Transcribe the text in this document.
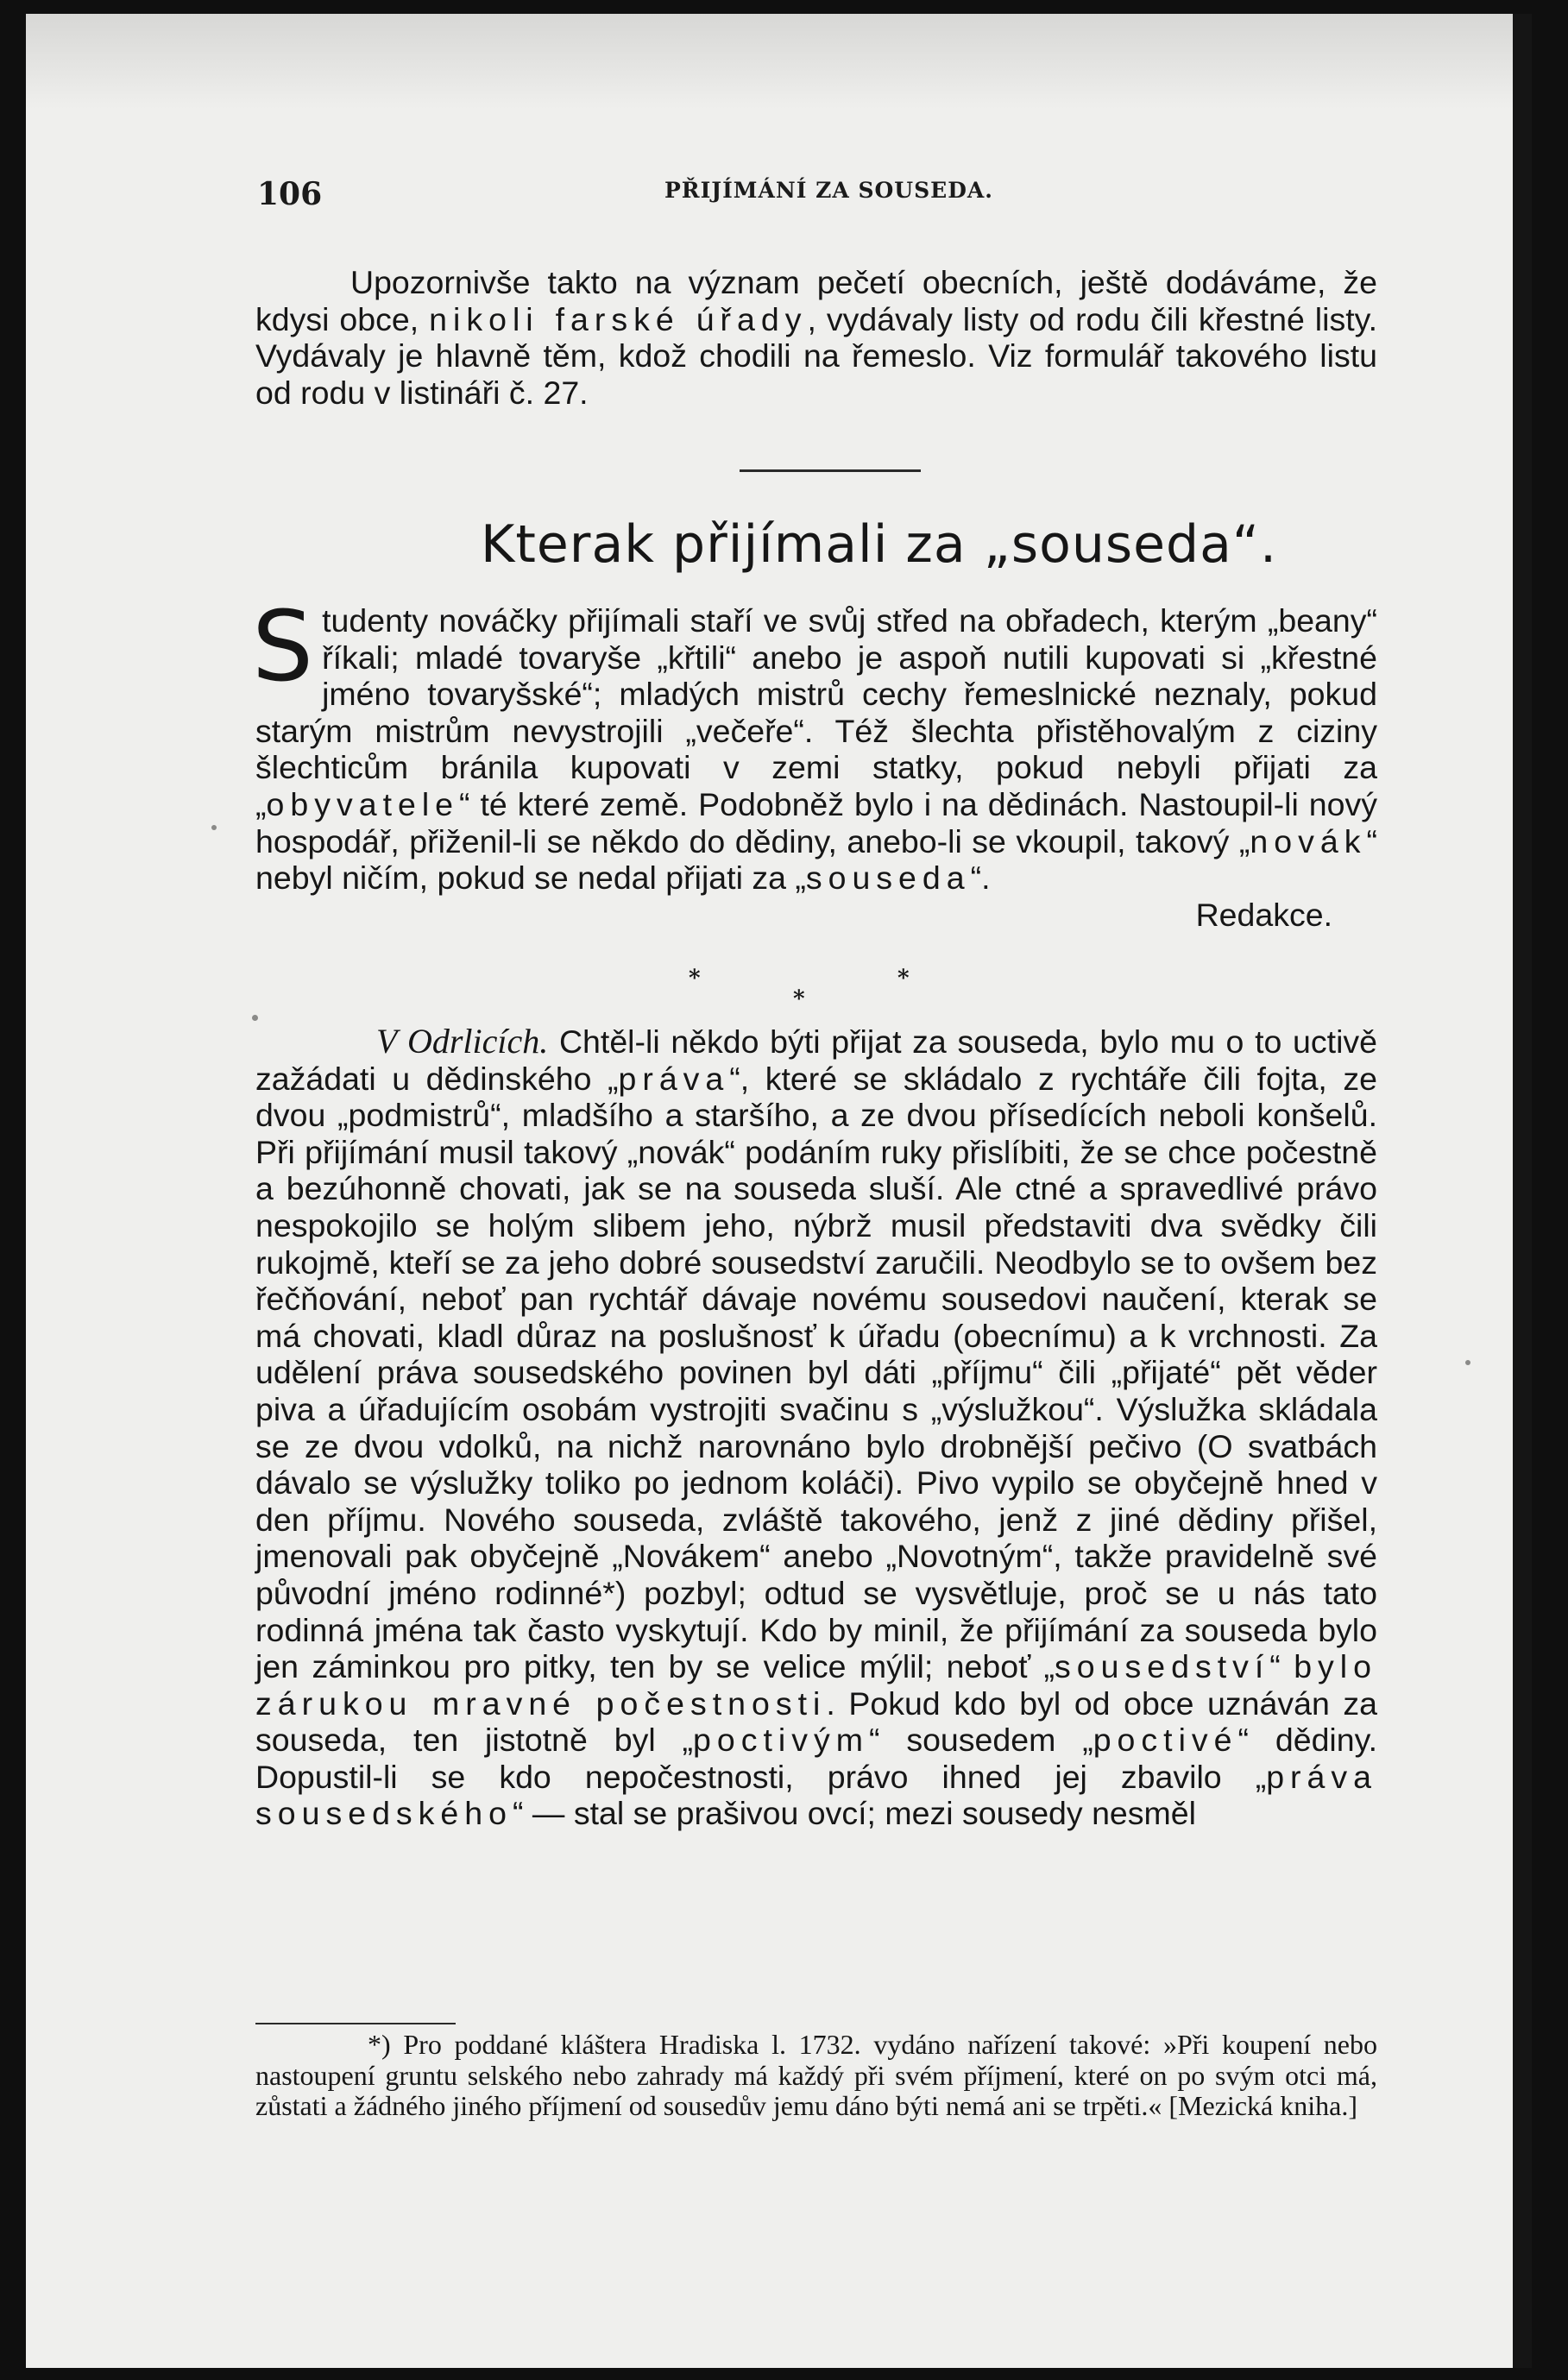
106	PŘIJÍMÁNÍ ZA SOUSEDA.

Upozornivše takto na význam pečetí obecních, ještě dodáváme, že kdysi obce, nikoli farské úřady, vydávaly listy od rodu čili křestné listy. Vydávaly je hlavně těm, kdož chodili na řemeslo. Viz formulář takového listu od rodu v listináři č. 27.

Kterak přijímali za „souseda“.

Studenty nováčky přijímali staří ve svůj střed na obřadech, kterým „beany“ říkali; mladé tovaryše „křtili“ anebo je aspoň nutili kupovati si „křestné jméno tovaryšské“; mladých mistrů cechy řemeslnické neznaly, pokud starým mistrům nevystrojili „večeře“. Též šlechta přistěhovalým z ciziny šlechticům bránila kupovati v zemi statky, pokud nebyli přijati za „obyvatele“ té které země. Podobněž bylo i na dědinách. Nastoupil-li nový hospodář, přiženil-li se někdo do dědiny, anebo-li se vkoupil, takový „novák“ nebyl ničím, pokud se nedal přijati za „souseda“.

Redakce.

*	*
*

V Odrlicích. Chtěl-li někdo býti přijat za souseda, bylo mu o to uctivě zažádati u dědinského „práva“, které se skládalo z rychtáře čili fojta, ze dvou „podmistrů“, mladšího a staršího, a ze dvou přísedících neboli konšelů. Při přijímání musil takový „novák“ podáním ruky přislíbiti, že se chce počestně a bezúhonně chovati, jak se na souseda sluší. Ale ctné a spravedlivé právo nespokojilo se holým slibem jeho, nýbrž musil představiti dva svědky čili rukojmě, kteří se za jeho dobré sousedství zaručili. Neodbylo se to ovšem bez řečňování, neboť pan rychtář dávaje novému sousedovi naučení, kterak se má chovati, kladl důraz na poslušnosť k úřadu (obecnímu) a k vrchnosti. Za udělení práva sousedského povinen byl dáti „příjmu“ čili „přijaté“ pět věder piva a úřadujícím osobám vystrojiti svačinu s „výslužkou“. Výslužka skládala se ze dvou vdolků, na nichž narovnáno bylo drobnější pečivo (O svatbách dávalo se výslužky toliko po jednom koláči). Pivo vypilo se obyčejně hned v den příjmu. Nového souseda, zvláště takového, jenž z jiné dědiny přišel, jmenovali pak obyčejně „Novákem“ anebo „Novotným“, takže pravidelně své původní jméno rodinné*) pozbyl; odtud se vysvětluje, proč se u nás tato rodinná jména tak často vyskytují. Kdo by minil, že přijímání za souseda bylo jen záminkou pro pitky, ten by se velice mýlil; neboť „sousedství“ bylo zárukou mravné počestnosti. Pokud kdo byl od obce uznáván za souseda, ten jistotně byl „poctivým“ sousedem „poctivé“ dědiny. Dopustil-li se kdo nepočestnosti, právo ihned jej zbavilo „práva sousedského“ — stal se prašivou ovcí; mezi sousedy nesměl

*) Pro poddané kláštera Hradiska l. 1732. vydáno nařízení takové: »Při koupení nebo nastoupení gruntu selského nebo zahrady má každý při svém příjmení, které on po svým otci má, zůstati a žádného jiného příjmení od sousedův jemu dáno býti nemá ani se trpěti.« [Mezická kniha.]
